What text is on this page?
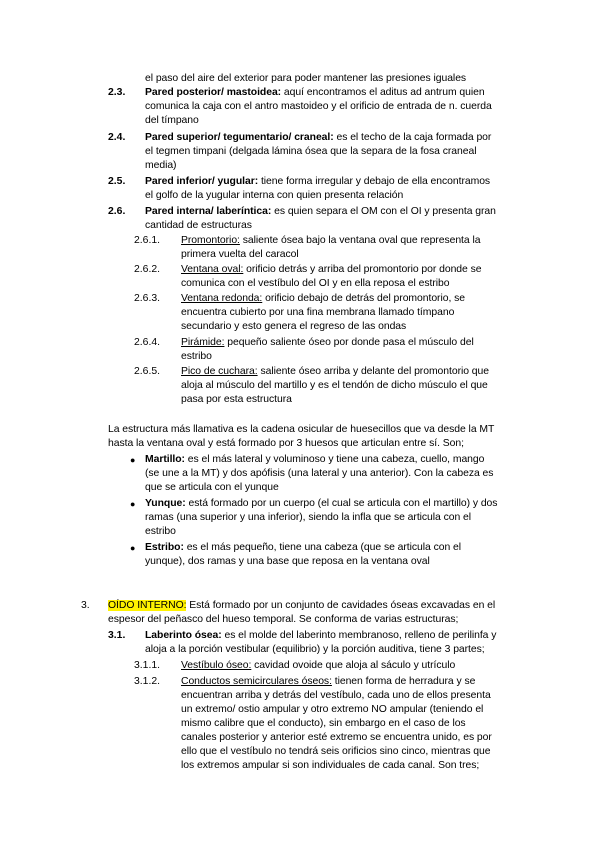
el paso del aire del exterior para poder mantener las presiones iguales
2.3. Pared posterior/ mastoidea: aquí encontramos el aditus ad antrum quien
comunica la caja con el antro mastoideo y el orificio de entrada de n. cuerda
del tímpano
2.4. Pared superior/ tegumentario/ craneal: es el techo de la caja formada por
el tegmen timpani (delgada lámina ósea que la separa de la fosa craneal
media)
2.5. Pared inferior/ yugular: tiene forma irregular y debajo de ella encontramos
el golfo de la yugular interna con quien presenta relación
2.6. Pared interna/ laberíntica: es quien separa el OM con el OI y presenta gran
cantidad de estructuras
2.6.1. Promontorio: saliente ósea bajo la ventana oval que representa la
primera vuelta del caracol
2.6.2. Ventana oval: orificio detrás y arriba del promontorio por donde se
comunica con el vestíbulo del OI y en ella reposa el estribo
2.6.3. Ventana redonda: orificio debajo de detrás del promontorio, se
encuentra cubierto por una fina membrana llamado tímpano
secundario y esto genera el regreso de las ondas
2.6.4. Pirámide: pequeño saliente óseo por donde pasa el músculo del
estribo
2.6.5. Pico de cuchara: saliente óseo arriba y delante del promontorio que
aloja al músculo del martillo y es el tendón de dicho músculo el que
pasa por esta estructura
La estructura más llamativa es la cadena osicular de huesecillos que va desde la MT
hasta la ventana oval y está formado por 3 huesos que articulan entre sí. Son;
● Martillo: es el más lateral y voluminoso y tiene una cabeza, cuello, mango
(se une a la MT) y dos apófisis (una lateral y una anterior). Con la cabeza es
que se articula con el yunque
● Yunque: está formado por un cuerpo (el cual se articula con el martillo) y dos
ramas (una superior y una inferior), siendo la infla que se articula con el
estribo
● Estribo: es el más pequeño, tiene una cabeza (que se articula con el
yunque), dos ramas y una base que reposa en la ventana oval
3. OÍDO INTERNO: Está formado por un conjunto de cavidades óseas excavadas en el
espesor del peñasco del hueso temporal. Se conforma de varias estructuras;
3.1. Laberinto ósea: es el molde del laberinto membranoso, relleno de perilinfa y
aloja a la porción vestibular (equilibrio) y la porción auditiva, tiene 3 partes;
3.1.1. Vestíbulo óseo: cavidad ovoide que aloja al sáculo y utrículo
3.1.2. Conductos semicirculares óseos: tienen forma de herradura y se
encuentran arriba y detrás del vestíbulo, cada uno de ellos presenta
un extremo/ ostio ampular y otro extremo NO ampular (teniendo el
mismo calibre que el conducto), sin embargo en el caso de los
canales posterior y anterior esté extremo se encuentra unido, es por
ello que el vestíbulo no tendrá seis orificios sino cinco, mientras que
los extremos ampular si son individuales de cada canal. Son tres;
